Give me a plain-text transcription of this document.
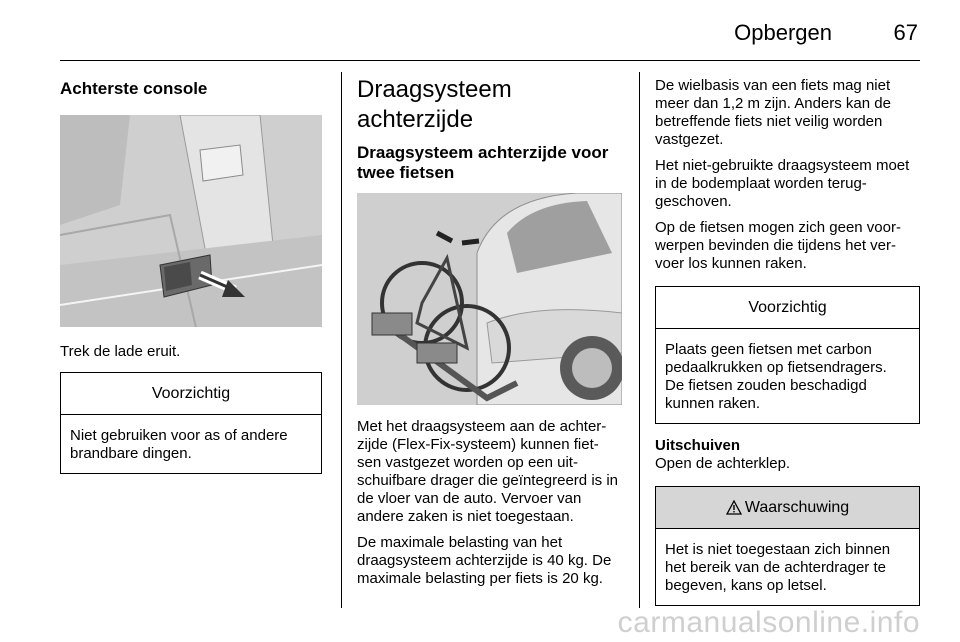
Opbergen	67
Achterste console

Trek de lade eruit.

Voorzichtig
Niet gebruiken voor as of andere brandbare dingen.
Draagsysteem achterzijde
Draagsysteem achterzijde voor twee fietsen

Met het draagsysteem aan de achter- zijde (Flex-Fix-systeem) kunnen fiet- sen vastgezet worden op een uit- schuifbare drager die geïntegreerd is in de vloer van de auto. Vervoer van andere zaken is niet toegestaan.

De maximale belasting van het draagsysteem achterzijde is 40 kg. De maximale belasting per fiets is 20 kg.

De wielbasis van een fiets mag niet meer dan 1,2 m zijn. Anders kan de betreffende fiets niet veilig worden vastgezet.

Het niet-gebruikte draagsysteem moet in de bodemplaat worden terug- geschoven.

Op de fietsen mogen zich geen voor- werpen bevinden die tijdens het ver- voer los kunnen raken.

Voorzichtig
Plaats geen fietsen met carbon pedaalkrukken op fietsendragers. De fietsen zouden beschadigd kunnen raken.
Uitschuiven

Open de achterklep.

Waarschuwing
Het is niet toegestaan zich binnen het bereik van de achterdrager te begeven, kans op letsel.
carmanualsonline.info
